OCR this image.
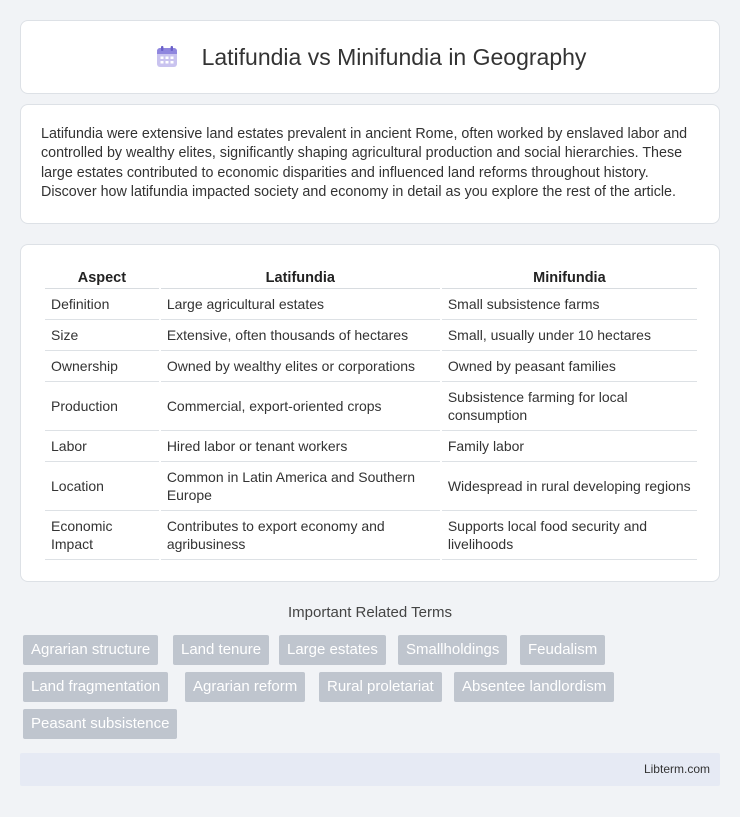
Latifundia vs Minifundia in Geography

Latifundia were extensive land estates prevalent in ancient Rome, often worked by enslaved labor and controlled by wealthy elites, significantly shaping agricultural production and social hierarchies. These large estates contributed to economic disparities and influenced land reforms throughout history. Discover how latifundia impacted society and economy in detail as you explore the rest of the article.

Aspect	Latifundia	Minifundia
Definition	Large agricultural estates	Small subsistence farms
Size	Extensive, often thousands of hectares	Small, usually under 10 hectares
Ownership	Owned by wealthy elites or corporations	Owned by peasant families
Production	Commercial, export-oriented crops	Subsistence farming for local consumption
Labor	Hired labor or tenant workers	Family labor
Location	Common in Latin America and Southern Europe	Widespread in rural developing regions
Economic Impact	Contributes to export economy and agribusiness	Supports local food security and livelihoods
Important Related Terms
Agrarian structure	Land tenure	Large estates	Smallholdings	Feudalism
Land fragmentation	Agrarian reform	Rural proletariat	Absentee landlordism
Peasant subsistence
Libterm.com
